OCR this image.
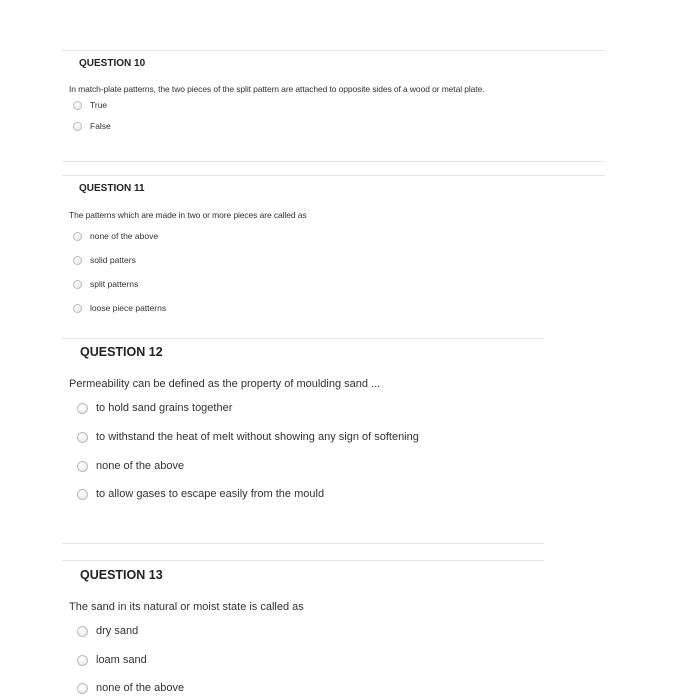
QUESTION 10
In match-plate patterns, the two pieces of the split pattern are attached to opposite sides of a wood or metal plate.
True
False
QUESTION 11
The patterns which are made in two or more pieces are called as
none of the above
solid patters
split patterns
loose piece patterns
QUESTION 12
Permeability can be defined as the property of moulding sand ...
to hold sand grains together
to withstand the heat of melt without showing any sign of softening
none of the above
to allow gases to escape easily from the mould
QUESTION 13
The sand in its natural or moist state is called as
dry sand
loam sand
none of the above
